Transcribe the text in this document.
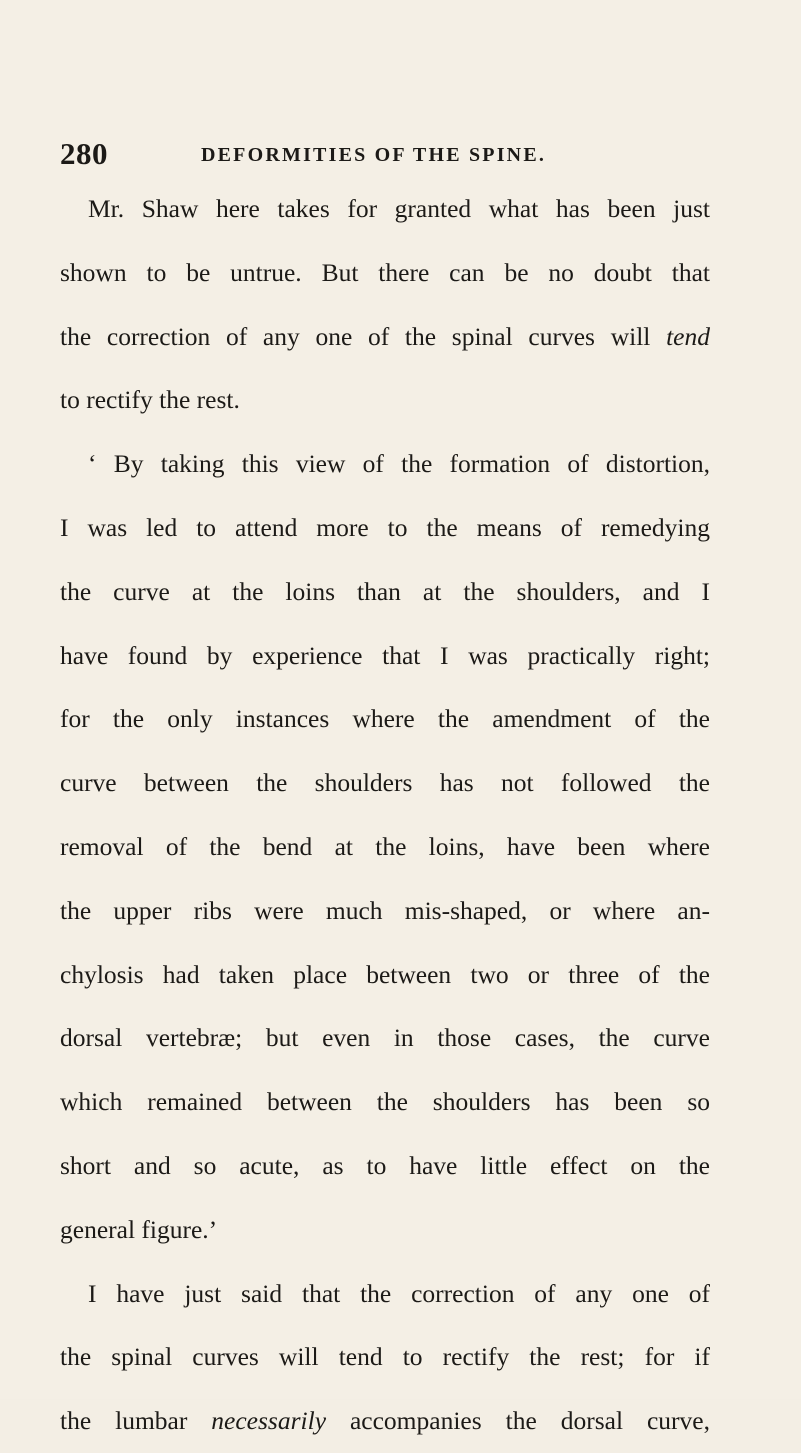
280	DEFORMITIES OF THE SPINE.
Mr. Shaw here takes for granted what has been just
shown to be untrue. But there can be no doubt that
the correction of any one of the spinal curves will tend
to rectify the rest.
‘ By taking this view of the formation of distortion,
I was led to attend more to the means of remedying
the curve at the loins than at the shoulders, and I
have found by experience that I was practically right;
for the only instances where the amendment of the
curve between the shoulders has not followed the
removal of the bend at the loins, have been where
the upper ribs were much mis-shaped, or where an-
chylosis had taken place between two or three of the
dorsal vertebræ; but even in those cases, the curve
which remained between the shoulders has been so
short and so acute, as to have little effect on the
general figure.’
I have just said that the correction of any one of
the spinal curves will tend to rectify the rest; for if
the lumbar necessarily accompanies the dorsal curve,
